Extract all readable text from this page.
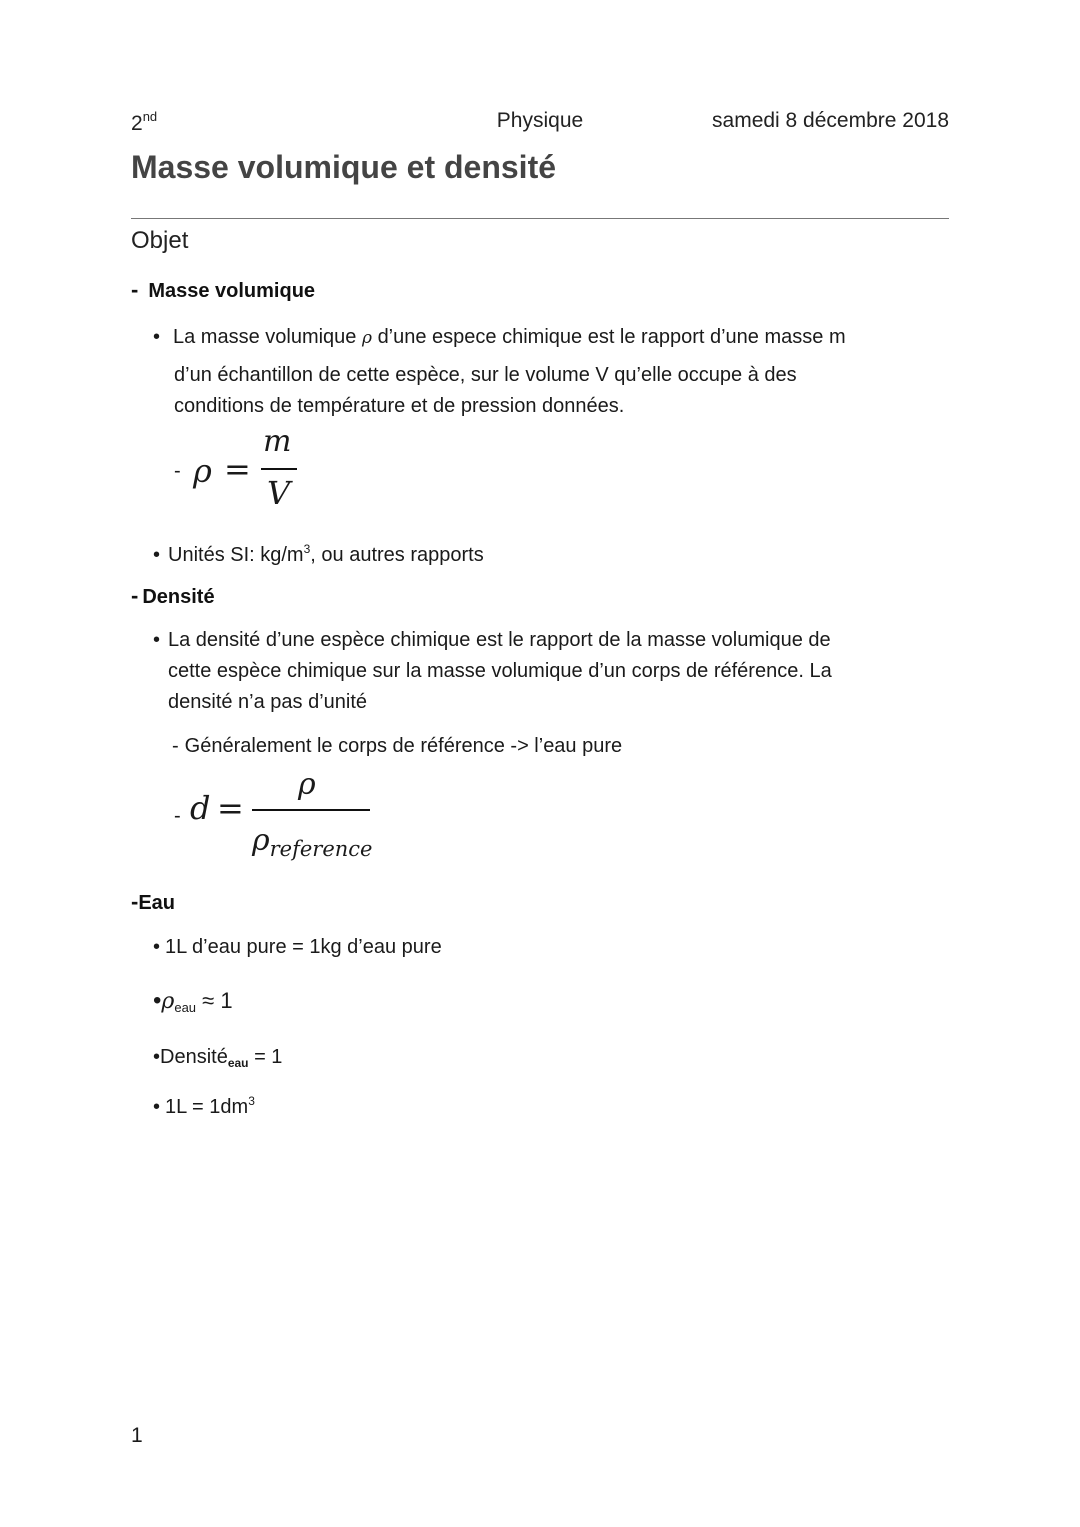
2nd	Physique	samedi 8 décembre 2018
Masse volumique et densité
Objet
- Masse volumique
• La masse volumique ρ d’une espece chimique est le rapport d’une masse m
d’un échantillon de cette espèce, sur le volume V qu’elle occupe à des
conditions de température et de pression données.
- ρ =
m
V
• Unités SI: $kg/m^3$, ou autres rapports
- Densité
• La densité d’une espèce chimique est le rapport de la masse volumique de
cette espèce chimique sur la masse volumique d’un corps de référence. La
densité n’a pas d’unité
- Généralement le corps de référence -> l’eau pure
- d =
ρ
$\rho_{reference}$
-Eau
• 1L d’eau pure = 1kg d’eau pure
$•\rho_{eau} \approx 1$
•Densité$_{eau}$ = 1
• $1L = 1dm^3$
1
